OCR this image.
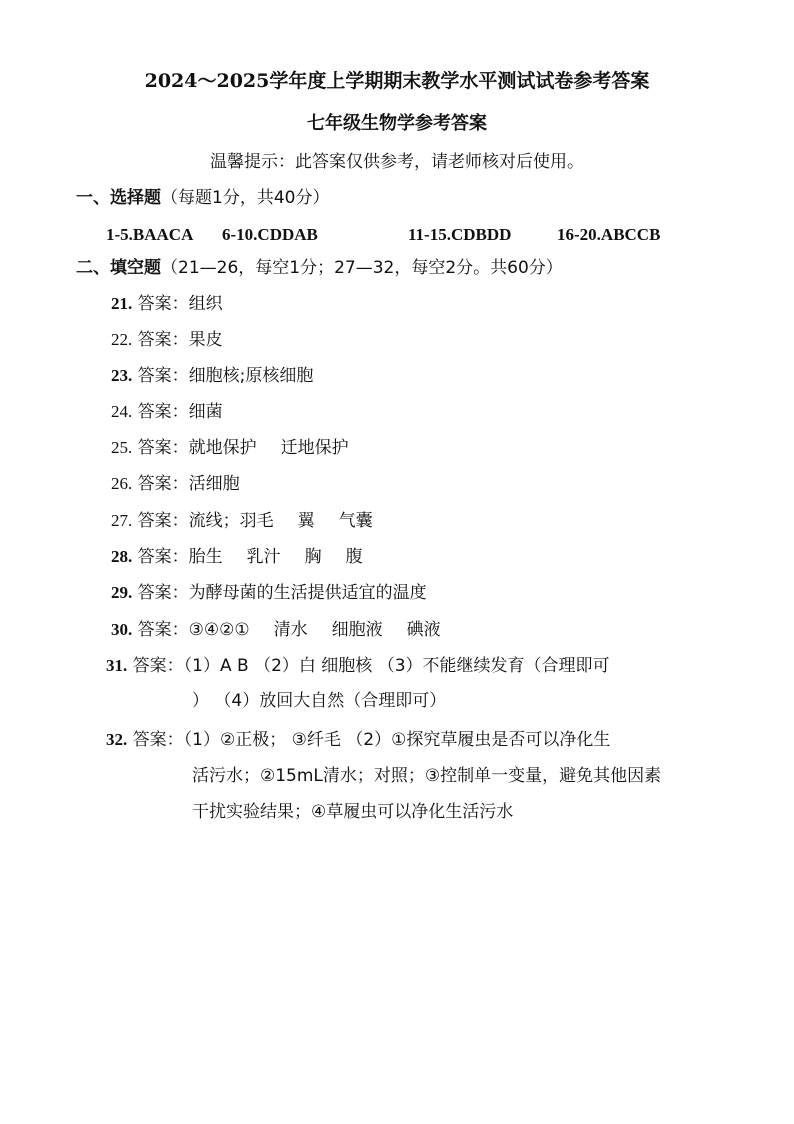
2024～2025学年度上学期期末教学水平测试试卷参考答案
七年级生物学参考答案
温馨提示：此答案仅供参考，请老师核对后使用。
一、选择题（每题1分，共40分）
1-5.BAACA 6-10.CDDAB	11-15.CDBDD	16-20.ABCCB
二、填空题（21—26，每空1分；27—32，每空2分。共60分）
21. 答案：组织
22. 答案：果皮
23. 答案：细胞核;原核细胞
24. 答案：细菌
25. 答案：就地保护 迁地保护
26. 答案：活细胞
27. 答案：流线；羽毛 翼 气囊
28. 答案：胎生 乳汁 胸 腹
29. 答案：为酵母菌的生活提供适宜的温度
30. 答案：③④②① 清水 细胞液 碘液
31. 答案：（1）A B （2）白 细胞核 （3）不能继续发育（合理即可
） （4）放回大自然（合理即可）
32. 答案：（1）②正极； ③纤毛 （2）①探究草履虫是否可以净化生
活污水；②15mL清水；对照；③控制单一变量，避免其他因素
干扰实验结果；④草履虫可以净化生活污水
